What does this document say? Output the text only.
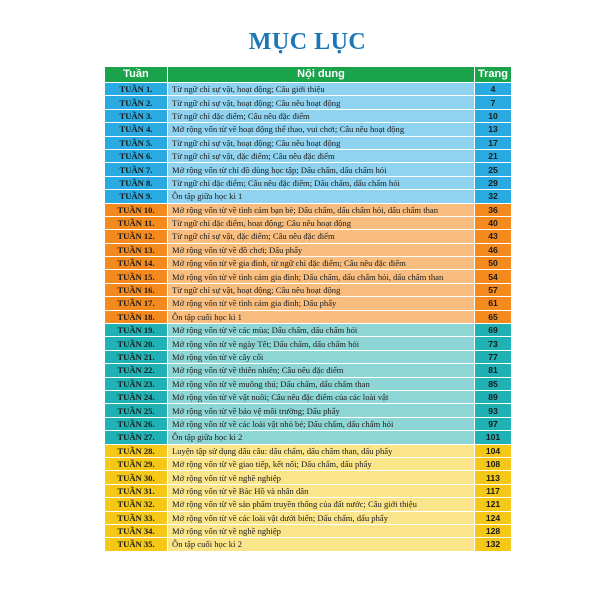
MỤC LỤC
Tuần	Nội dung	Trang
TUẦN 1.	Từ ngữ chỉ sự vật, hoạt động; Câu giới thiệu	4
TUẦN 2.	Từ ngữ chỉ sự vật, hoạt động; Câu nêu hoạt động	7
TUẦN 3.	Từ ngữ chỉ đặc điểm; Câu nêu đặc điểm	10
TUẦN 4.	Mở rộng vốn từ về hoạt động thể thao, vui chơi; Câu nêu hoạt động	13
TUẦN 5.	Từ ngữ chỉ sự vật, hoạt động; Câu nêu hoạt động	17
TUẦN 6.	Từ ngữ chỉ sự vật, đặc điểm; Câu nêu đặc điểm	21
TUẦN 7.	Mở rộng vốn từ chỉ đồ dùng học tập; Dấu chấm, dấu chấm hỏi	25
TUẦN 8.	Từ ngữ chỉ đặc điểm; Câu nêu đặc điểm; Dấu chấm, dấu chấm hỏi	29
TUẦN 9.	Ôn tập giữa học kì 1	32
TUẦN 10.	Mở rộng vốn từ về tình cảm bạn bè; Dấu chấm, dấu chấm hỏi, dấu chấm than	36
TUẦN 11.	Từ ngữ chỉ đặc điểm, hoạt động; Câu nêu hoạt động	40
TUẦN 12.	Từ ngữ chỉ sự vật, đặc điểm; Câu nêu đặc điểm	43
TUẦN 13.	Mở rộng vốn từ về đồ chơi; Dấu phẩy	46
TUẦN 14.	Mở rộng vốn từ về gia đình, từ ngữ chỉ đặc điểm; Câu nêu đặc điểm	50
TUẦN 15.	Mở rộng vốn từ về tình cảm gia đình; Dấu chấm, dấu chấm hỏi, dấu chấm than	54
TUẦN 16.	Từ ngữ chỉ sự vật, hoạt động; Câu nêu hoạt động	57
TUẦN 17.	Mở rộng vốn từ về tình cảm gia đình; Dấu phẩy	61
TUẦN 18.	Ôn tập cuối học kì 1	65
TUẦN 19.	Mở rộng vốn từ về các mùa; Dấu chấm, dấu chấm hỏi	69
TUẦN 20.	Mở rộng vốn từ về ngày Tết; Dấu chấm, dấu chấm hỏi	73
TUẦN 21.	Mở rộng vốn từ về cây cối	77
TUẦN 22.	Mở rộng vốn từ về thiên nhiên; Câu nêu đặc điểm	81
TUẦN 23.	Mở rộng vốn từ về muông thú; Dấu chấm, dấu chấm than	85
TUẦN 24.	Mở rộng vốn từ về vật nuôi; Câu nêu đặc điểm của các loài vật	89
TUẦN 25.	Mở rộng vốn từ về bảo vệ môi trường; Dấu phẩy	93
TUẦN 26.	Mở rộng vốn từ về các loài vật nhỏ bé; Dấu chấm, dấu chấm hỏi	97
TUẦN 27.	Ôn tập giữa học kì 2	101
TUẦN 28.	Luyện tập sử dụng dấu câu: dấu chấm, dấu chấm than, dấu phẩy	104
TUẦN 29.	Mở rộng vốn từ về giao tiếp, kết nối; Dấu chấm, dấu phẩy	108
TUẦN 30.	Mở rộng vốn từ về nghề nghiệp	113
TUẦN 31.	Mở rộng vốn từ về Bác Hồ và nhân dân	117
TUẦN 32.	Mở rộng vốn từ về sản phẩm truyền thống của đất nước; Câu giới thiệu	121
TUẦN 33.	Mở rộng vốn từ về các loài vật dưới biển; Dấu chấm, dấu phẩy	124
TUẦN 34.	Mở rộng vốn từ về nghề nghiệp	128
TUẦN 35.	Ôn tập cuối học kì 2	132
